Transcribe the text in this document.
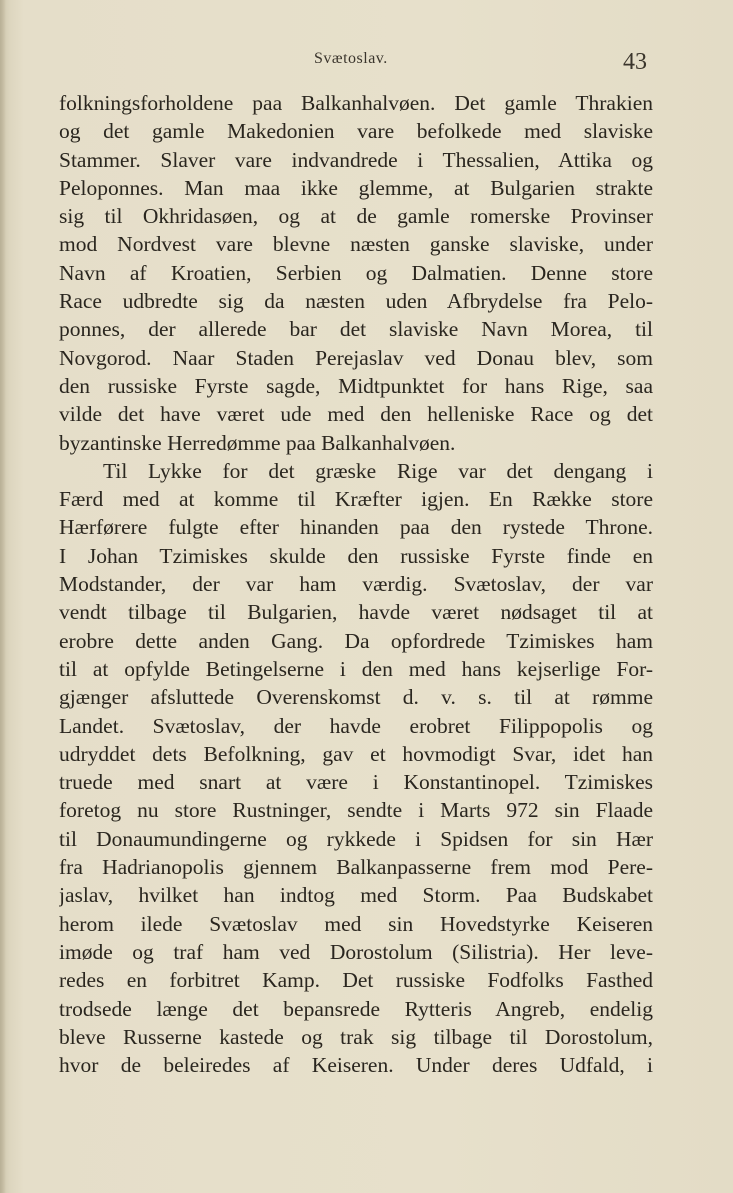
Svætoslav.	43
folkningsforholdene paa Balkanhalvøen. Det gamle Thrakien
og det gamle Makedonien vare befolkede med slaviske
Stammer. Slaver vare indvandrede i Thessalien, Attika og
Peloponnes. Man maa ikke glemme, at Bulgarien strakte
sig til Okhridasøen, og at de gamle romerske Provinser
mod Nordvest vare blevne næsten ganske slaviske, under
Navn af Kroatien, Serbien og Dalmatien. Denne store
Race udbredte sig da næsten uden Afbrydelse fra Pelo-
ponnes, der allerede bar det slaviske Navn Morea, til
Novgorod. Naar Staden Perejaslav ved Donau blev, som
den russiske Fyrste sagde, Midtpunktet for hans Rige, saa
vilde det have været ude med den helleniske Race og det
byzantinske Herredømme paa Balkanhalvøen.
Til Lykke for det græske Rige var det dengang i
Færd med at komme til Kræfter igjen. En Række store
Hærførere fulgte efter hinanden paa den rystede Throne.
I Johan Tzimiskes skulde den russiske Fyrste finde en
Modstander, der var ham værdig. Svætoslav, der var
vendt tilbage til Bulgarien, havde været nødsaget til at
erobre dette anden Gang. Da opfordrede Tzimiskes ham
til at opfylde Betingelserne i den med hans kejserlige For-
gjænger afsluttede Overenskomst d. v. s. til at rømme
Landet. Svætoslav, der havde erobret Filippopolis og
udryddet dets Befolkning, gav et hovmodigt Svar, idet han
truede med snart at være i Konstantinopel. Tzimiskes
foretog nu store Rustninger, sendte i Marts 972 sin Flaade
til Donaumundingerne og rykkede i Spidsen for sin Hær
fra Hadrianopolis gjennem Balkanpasserne frem mod Pere-
jaslav, hvilket han indtog med Storm. Paa Budskabet
herom ilede Svætoslav med sin Hovedstyrke Keiseren
imøde og traf ham ved Dorostolum (Silistria). Her leve-
redes en forbitret Kamp. Det russiske Fodfolks Fasthed
trodsede længe det bepansrede Rytteris Angreb, endelig
bleve Russerne kastede og trak sig tilbage til Dorostolum,
hvor de beleiredes af Keiseren. Under deres Udfald, i
